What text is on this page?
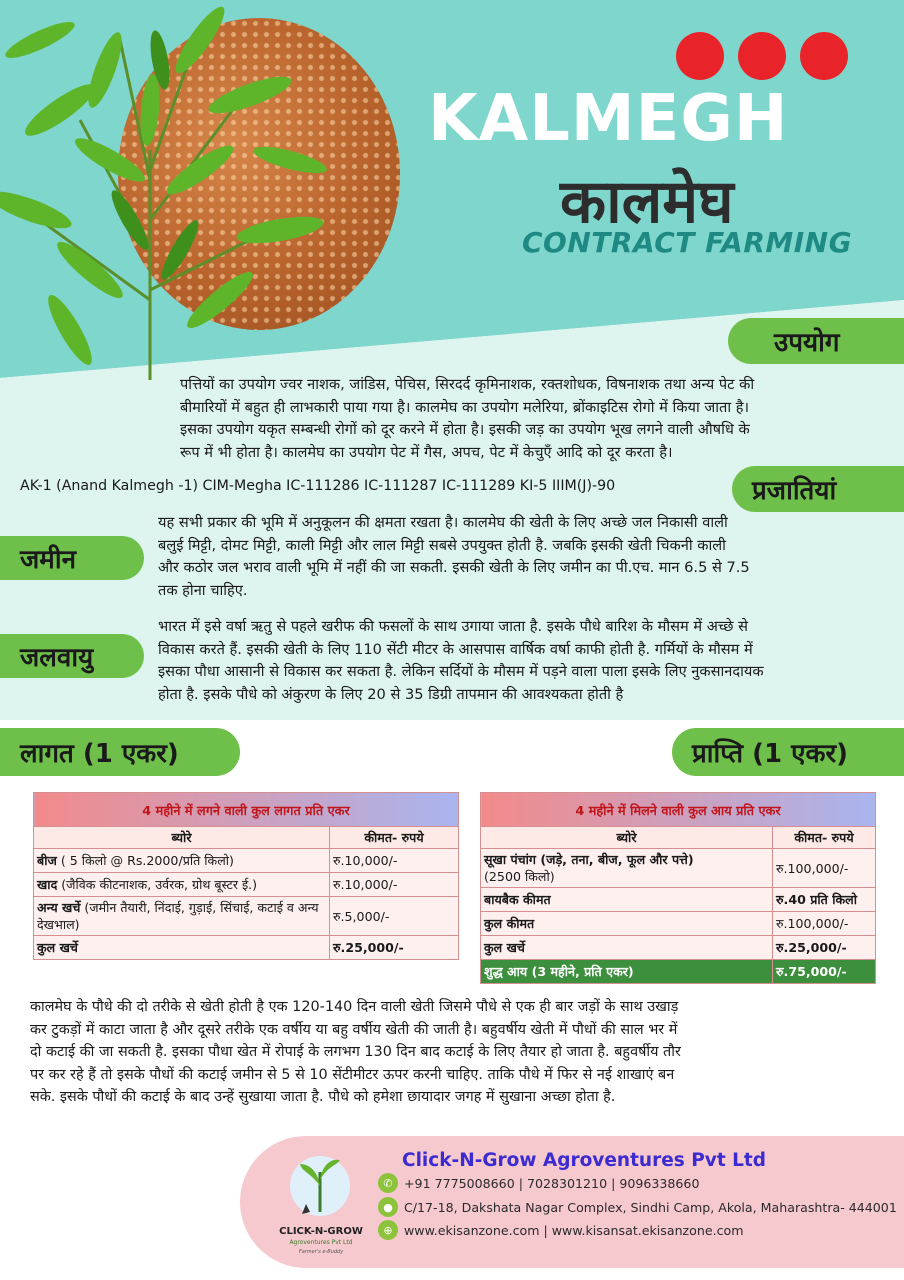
KALMEGH
कालमेघ
CONTRACT FARMING
उपयोग
पत्तियों का उपयोग ज्वर नाशक, जांडिस, पेचिस, सिरदर्द कृमिनाशक, रक्तशोधक, विषनाशक तथा अन्य पेट की
बीमारियों में बहुत ही लाभकारी पाया गया है। कालमेघ का उपयोग मलेरिया, ब्रोंकाइटिस रोगो में किया जाता है।
इसका उपयोग यकृत सम्बन्धी रोगों को दूर करने में होता है। इसकी जड़ का उपयोग भूख लगने वाली औषधि के
रूप में भी होता है। कालमेघ का उपयोग पेट में गैस, अपच, पेट में केचुएँ आदि को दूर करता है।
AK-1 (Anand Kalmegh -1) CIM-Megha IC-111286 IC-111287 IC-111289 KI-5 IIIM(J)-90	प्रजातियां
जमीन
यह सभी प्रकार की भूमि में अनुकूलन की क्षमता रखता है। कालमेघ की खेती के लिए अच्छे जल निकासी वाली
बलुई मिट्टी, दोमट मिट्टी, काली मिट्टी और लाल मिट्टी सबसे उपयुक्त होती है. जबकि इसकी खेती चिकनी काली
और कठोर जल भराव वाली भूमि में नहीं की जा सकती. इसकी खेती के लिए जमीन का पी.एच. मान 6.5 से 7.5
तक होना चाहिए.
जलवायु
भारत में इसे वर्षा ऋतु से पहले खरीफ की फसलों के साथ उगाया जाता है. इसके पौधे बारिश के मौसम में अच्छे से
विकास करते हैं. इसकी खेती के लिए 110 सेंटी मीटर के आसपास वार्षिक वर्षा काफी होती है. गर्मियों के मौसम में
इसका पौधा आसानी से विकास कर सकता है. लेकिन सर्दियों के मौसम में पड़ने वाला पाला इसके लिए नुकसानदायक
होता है. इसके पौधे को अंकुरण के लिए 20 से 35 डिग्री तापमान की आवश्यकता होती है
लागत (1 एकर)	प्राप्ति (1 एकर)
4 महीने में लगने वाली कुल लागत प्रति एकर	
ब्योरे	कीमत- रुपये
बीज ( 5 किलो @ Rs.2000/प्रति किलो)	रु.10,000/-
खाद (जैविक कीटनाशक, उर्वरक, ग्रोथ बूस्टर ई.)	रु.10,000/-
अन्य खर्चे (जमीन तैयारी, निंदाई, गुड़ाई, सिंचाई, कटाई व अन्य देखभाल)	रु.5,000/-
कुल खर्चे	रु.25,000/-
4 महीने में मिलने वाली कुल आय प्रति एकर	
ब्योरे	कीमत- रुपये
सूखा पंचांग (जड़े, तना, बीज, फूल और पत्ते)
(2500 किलो)	रु.100,000/-
बायबैक कीमत	रु.40 प्रति किलो
कुल कीमत	रु.100,000/-
कुल खर्चे	रु.25,000/-
शुद्ध आय (3 महीने, प्रति एकर)	रु.75,000/-
कालमेघ के पौधे की दो तरीके से खेती होती है एक 120-140 दिन वाली खेती जिसमे पौधे से एक ही बार जड़ों के साथ उखाड़
कर टुकड़ों में काटा जाता है और दूसरे तरीके एक वर्षीय या बहु वर्षीय खेती की जाती है। बहुवर्षीय खेती में पौधों की साल भर में
दो कटाई की जा सकती है. इसका पौधा खेत में रोपाई के लगभग 130 दिन बाद कटाई के लिए तैयार हो जाता है. बहुवर्षीय तौर
पर कर रहे हैं तो इसके पौधों की कटाई जमीन से 5 से 10 सेंटीमीटर ऊपर करनी चाहिए. ताकि पौधे में फिर से नई शाखाएं बन
सके. इसके पौधों की कटाई के बाद उन्हें सुखाया जाता है. पौधे को हमेशा छायादार जगह में सुखाना अच्छा होता है.
CLICK-N-GROW
Agroventures Pvt Ltd
Farmer's e-Buddy
Click-N-Grow Agroventures Pvt Ltd
✆ +91 7775008660 | 7028301210 | 9096338660
● C/17-18, Dakshata Nagar Complex, Sindhi Camp, Akola, Maharashtra- 444001
⊕ www.ekisanzone.com | www.kisansat.ekisanzone.com
